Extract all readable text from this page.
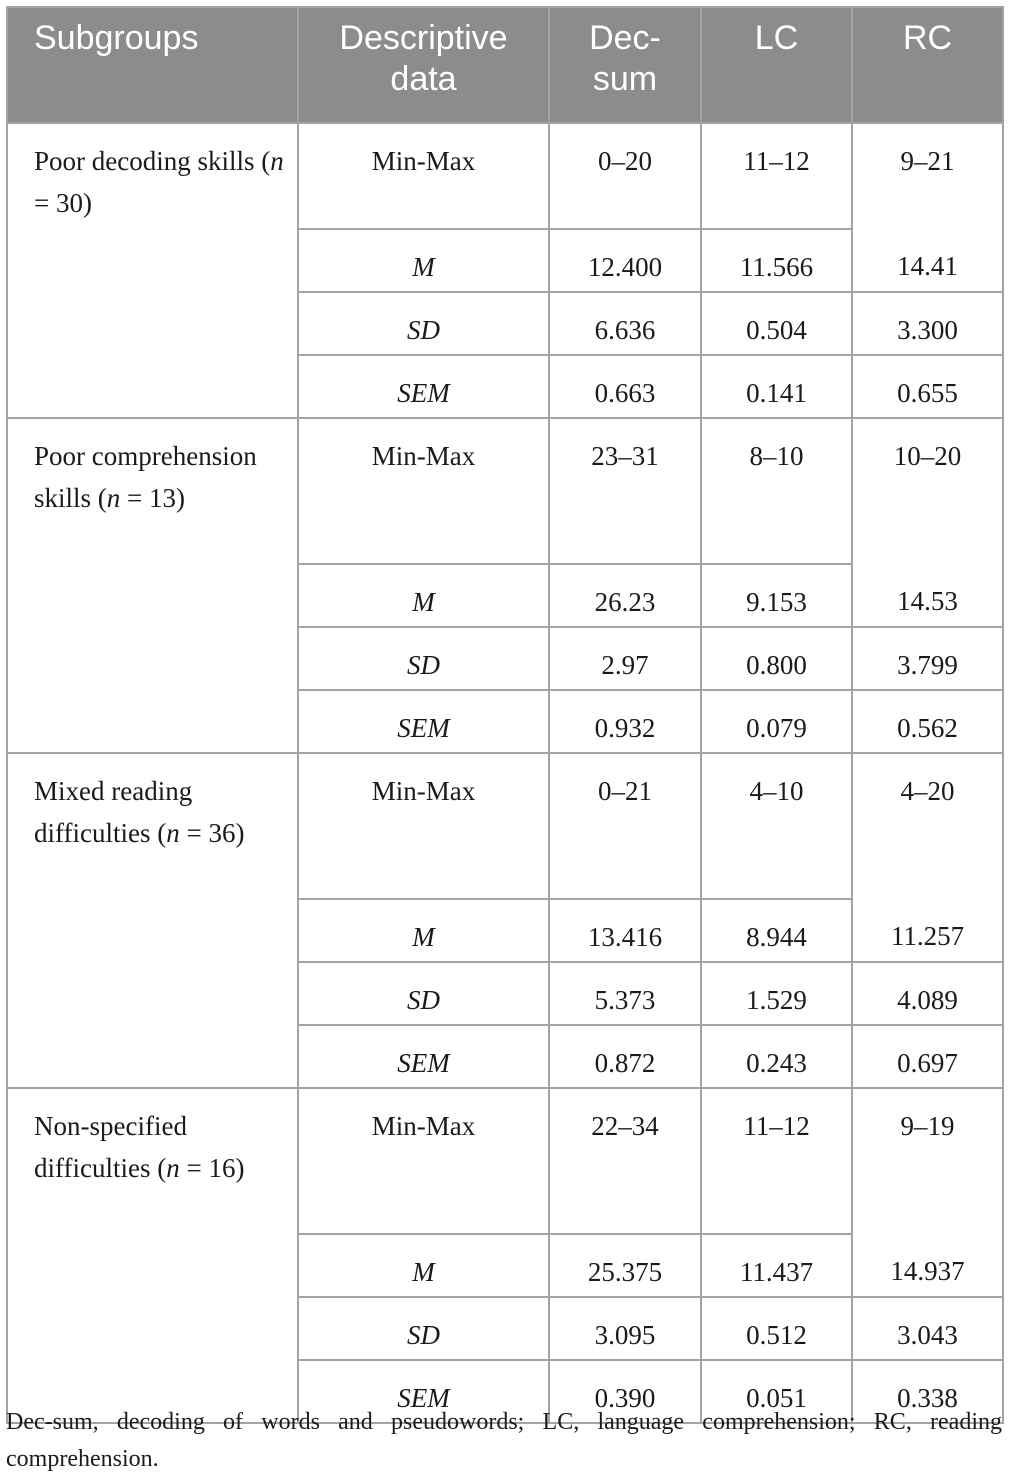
Subgroups	Descriptive data	Dec-sum	LC	RC
Poor decoding skills (n = 30)	Min-Max	0–20	11–12	9–21
	M	12.400	11.566	14.41
	SD	6.636	0.504	3.300
	SEM	0.663	0.141	0.655
Poor comprehension skills (n = 13)	Min-Max	23–31	8–10	10–20
	M	26.23	9.153	14.53
	SD	2.97	0.800	3.799
	SEM	0.932	0.079	0.562
Mixed reading difficulties (n = 36)	Min-Max	0–21	4–10	4–20
	M	13.416	8.944	11.257
	SD	5.373	1.529	4.089
	SEM	0.872	0.243	0.697
Non-specified difficulties (n = 16)	Min-Max	22–34	11–12	9–19
	M	25.375	11.437	14.937
	SD	3.095	0.512	3.043
	SEM	0.390	0.051	0.338
Dec-sum, decoding of words and pseudowords; LC, language comprehension; RC, reading comprehension.
